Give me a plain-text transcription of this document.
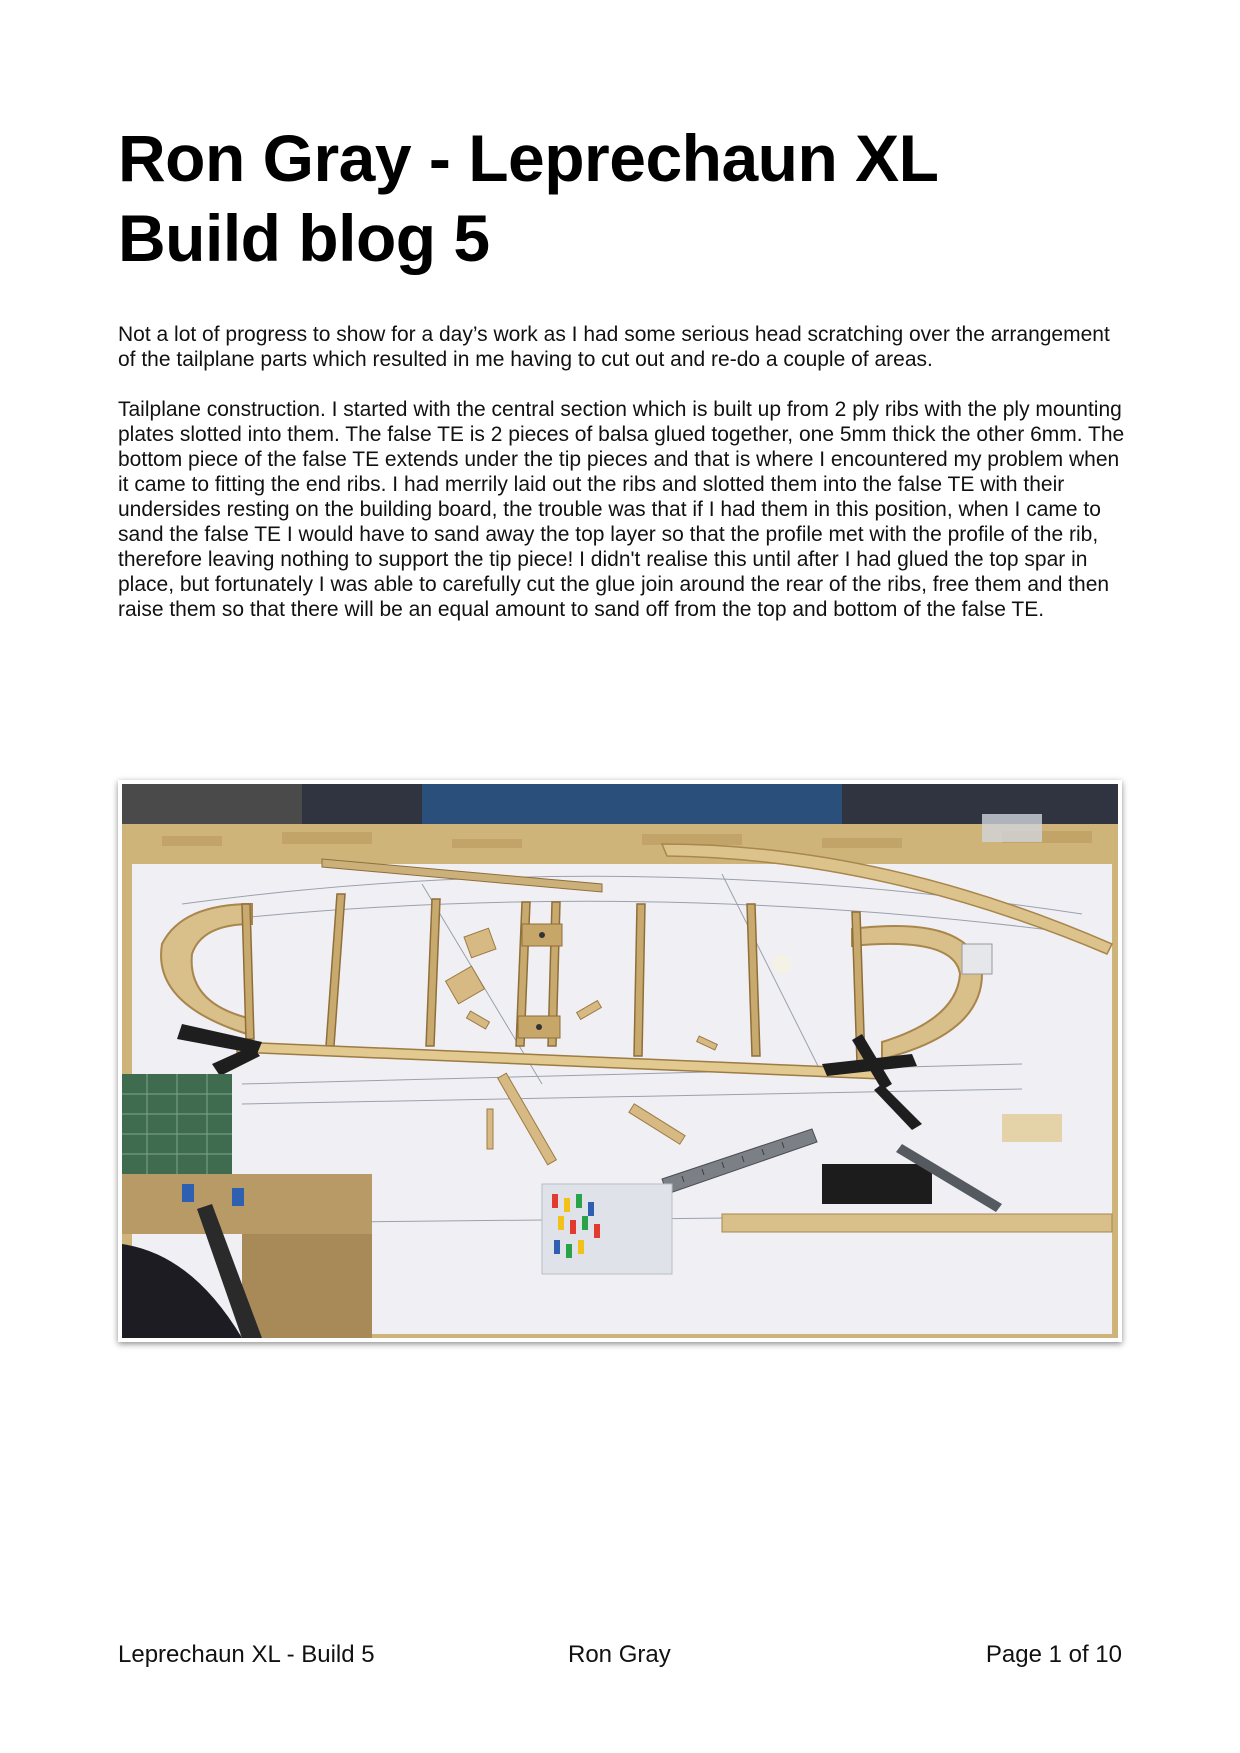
Ron Gray - Leprechaun XL
Build blog 5

Not a lot of progress to show for a day’s work as I had some serious head scratching over the arrangement of the tailplane parts which resulted in me having to cut out and re-do a couple of areas.

Tailplane construction. I started with the central section which is built up from 2 ply ribs with the ply mounting plates slotted into them. The false TE is 2 pieces of balsa glued together, one 5mm thick the other 6mm. The bottom piece of the false TE extends under the tip pieces and that is where I encountered my problem when it came to fitting the end ribs. I had merrily laid out the ribs and slotted them into the false TE with their undersides resting on the building board, the trouble was that if I had them in this position, when I came to sand the false TE I would have to sand away the top layer so that the profile met with the profile of the rib, therefore leaving nothing to support the tip piece! I didn't realise this until after I had glued the top spar in place, but fortunately I was able to carefully cut the glue join around the rear of the ribs, free them and then raise them so that there will be an equal amount to sand off from the top and bottom of the false TE.

Leprechaun XL - Build 5	Ron Gray	Page 1 of 10
